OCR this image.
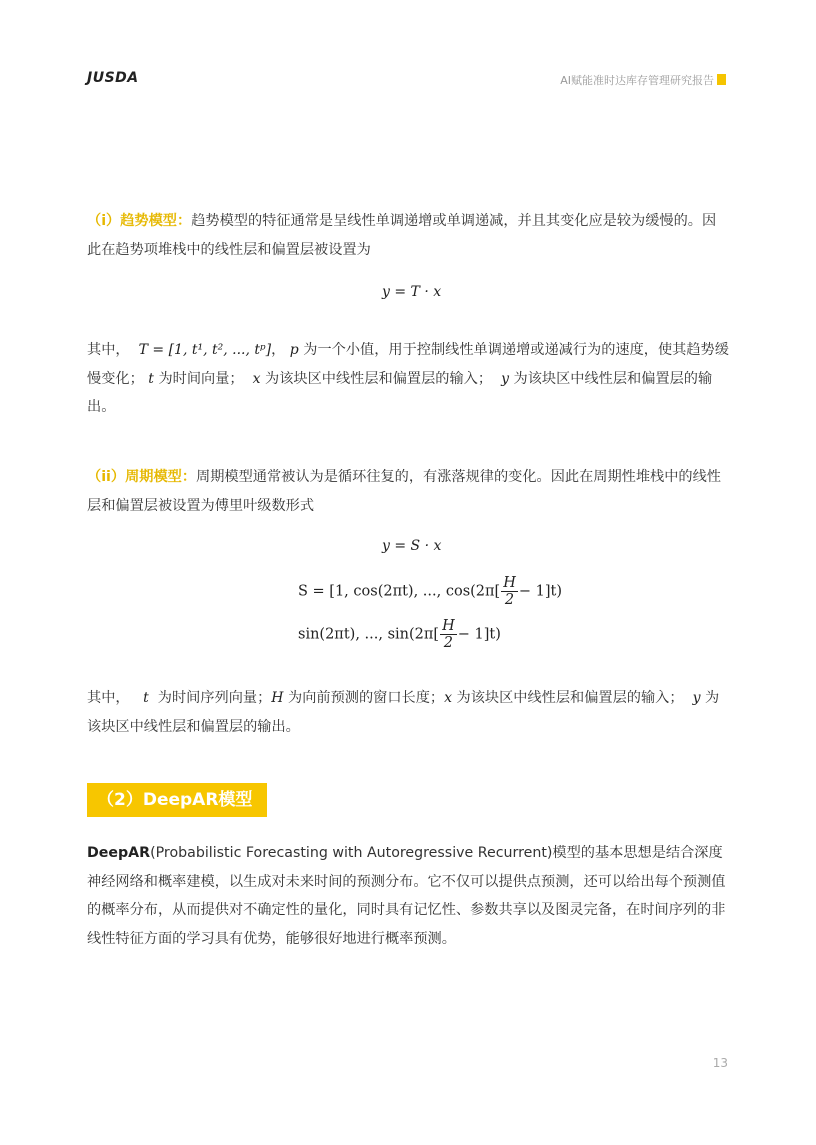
JUSDA	AI赋能准时达库存管理研究报告

（i）趋势模型：趋势模型的特征通常是呈线性单调递增或单调递减，并且其变化应是较为缓慢的。因此在趋势项堆栈中的线性层和偏置层被设置为

y = T · x

其中， T = [1, t¹, t², ..., tᵖ]， p 为一个小值，用于控制线性单调递增或递减行为的速度，使其趋势缓慢变化； t 为时间向量； x 为该块区中线性层和偏置层的输入； y 为该块区中线性层和偏置层的输出。

（ii）周期模型：周期模型通常被认为是循环往复的，有涨落规律的变化。因此在周期性堆栈中的线性层和偏置层被设置为傅里叶级数形式

y = S · x
S = [1, cos(2πt), ..., $\cos(2\pi[ \frac{H}{2} - 1]t)$
sin(2πt), ..., $\sin(2\pi[ \frac{H}{2} - 1]t)$

其中， t 为时间序列向量；H 为向前预测的窗口长度；x 为该块区中线性层和偏置层的输入； y 为该块区中线性层和偏置层的输出。

（2）DeepAR模型

DeepAR(Probabilistic Forecasting with Autoregressive Recurrent)模型的基本思想是结合深度神经网络和概率建模，以生成对未来时间的预测分布。它不仅可以提供点预测，还可以给出每个预测值的概率分布，从而提供对不确定性的量化，同时具有记忆性、参数共享以及图灵完备，在时间序列的非线性特征方面的学习具有优势，能够很好地进行概率预测。

13
